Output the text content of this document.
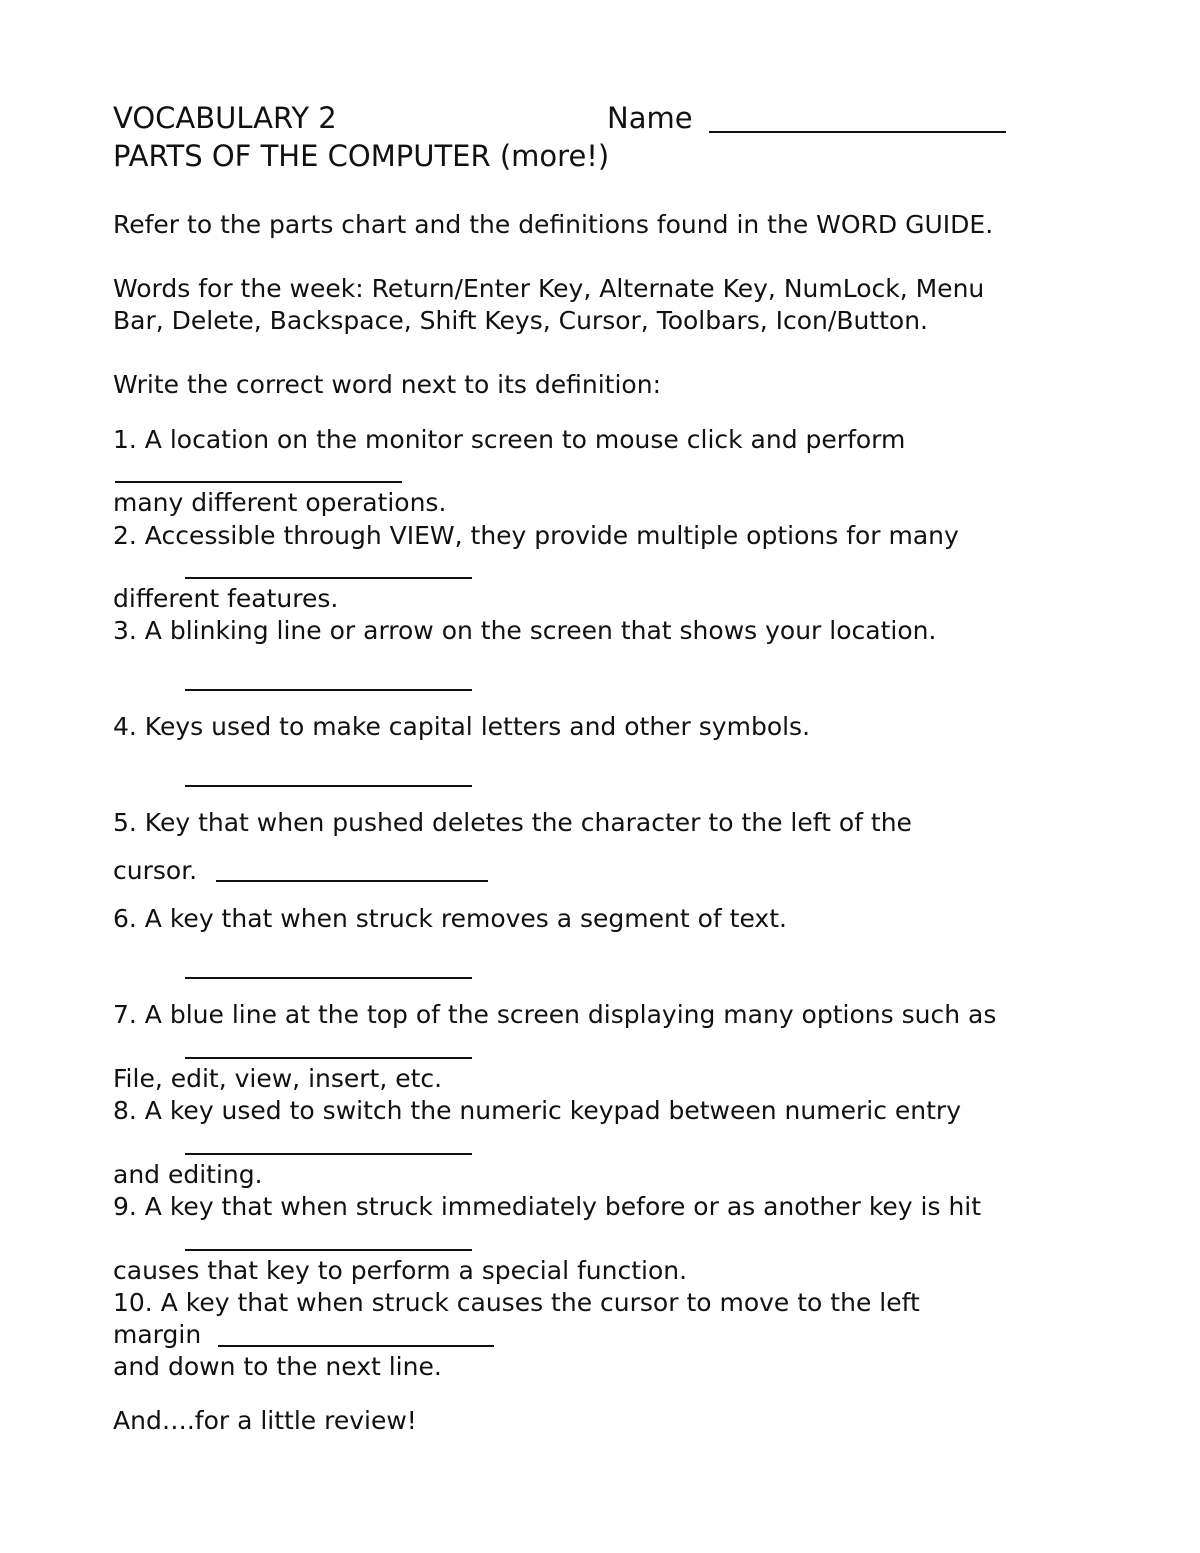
VOCABULARY 2	Name
PARTS OF THE COMPUTER (more!)
Refer to the parts chart and the definitions found in the WORD GUIDE.
Words for the week: Return/Enter Key, Alternate Key, NumLock, Menu
Bar, Delete, Backspace, Shift Keys, Cursor, Toolbars, Icon/Button.
Write the correct word next to its definition:
1. A location on the monitor screen to mouse click and perform
many different operations.
2. Accessible through VIEW, they provide multiple options for many
different features.
3. A blinking line or arrow on the screen that shows your location.
4. Keys used to make capital letters and other symbols.
5. Key that when pushed deletes the character to the left of the
cursor.
6. A key that when struck removes a segment of text.
7. A blue line at the top of the screen displaying many options such as
File, edit, view, insert, etc.
8. A key used to switch the numeric keypad between numeric entry
and editing.
9. A key that when struck immediately before or as another key is hit
causes that key to perform a special function.
10. A key that when struck causes the cursor to move to the left
margin
and down to the next line.
And….for a little review!
